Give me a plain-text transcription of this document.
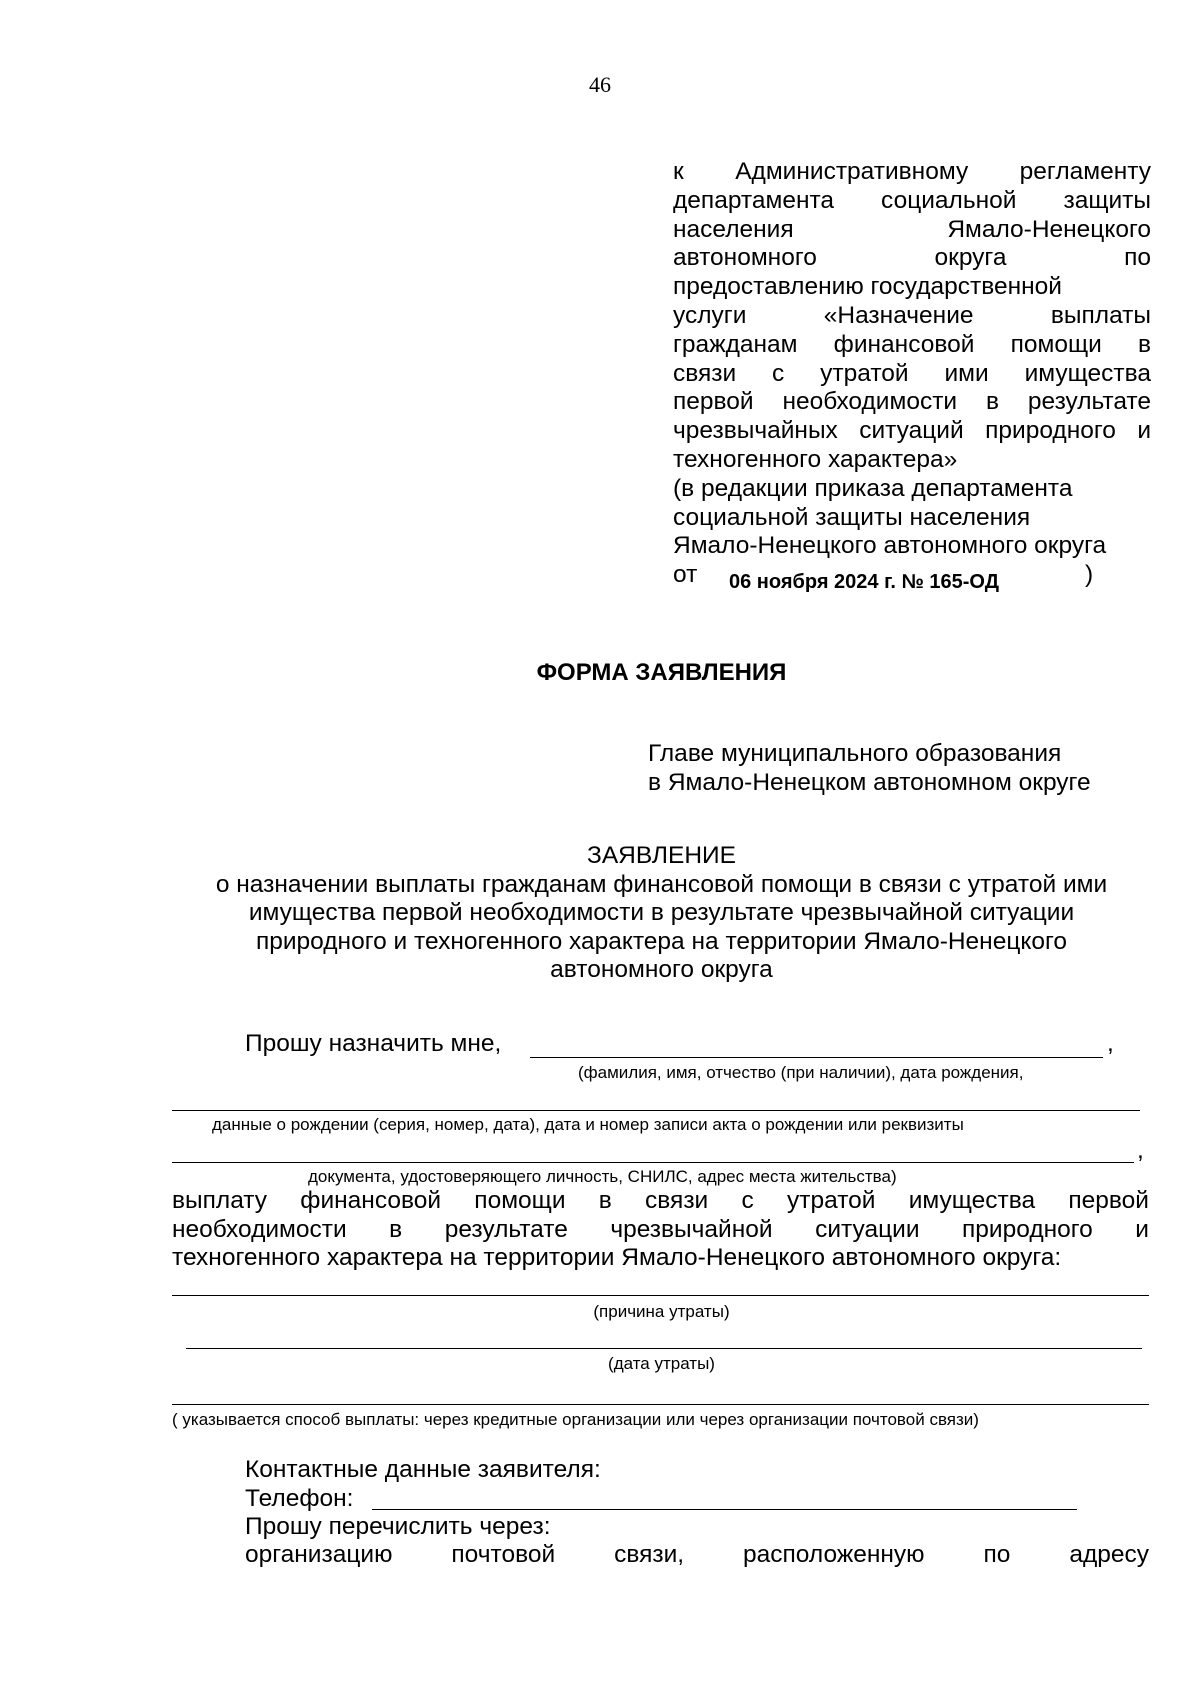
46
к Административному регламенту
департамента социальной защиты
населения Ямало-Ненецкого
автономного округа по
предоставлению государственной
услуги «Назначение выплаты
гражданам финансовой помощи в
связи с утратой ими имущества
первой необходимости в результате
чрезвычайных ситуаций природного и
техногенного характера»
(в редакции приказа департамента
социальной защиты населения
Ямало-Ненецкого автономного округа
от 06 ноября 2024 г. № 165-ОД	)
ФОРМА ЗАЯВЛЕНИЯ
Главе муниципального образования
в Ямало-Ненецком автономном округе
ЗАЯВЛЕНИЕ
о назначении выплаты гражданам финансовой помощи в связи с утратой ими
имущества первой необходимости в результате чрезвычайной ситуации
природного и техногенного характера на территории Ямало-Ненецкого
автономного округа
Прошу назначить мне,	,
(фамилия, имя, отчество (при наличии), дата рождения,
данные о рождении (серия, номер, дата), дата и номер записи акта о рождении или реквизиты
,
документа, удостоверяющего личность, СНИЛС, адрес места жительства)
выплату финансовой помощи в связи с утратой имущества первой
необходимости в результате чрезвычайной ситуации природного и
техногенного характера на территории Ямало-Ненецкого автономного округа:
(причина утраты)
(дата утраты)
( указывается способ выплаты: через кредитные организации или через организации почтовой связи)
Контактные данные заявителя:
Телефон:
Прошу перечислить через:
организацию почтовой связи, расположенную по адресу
